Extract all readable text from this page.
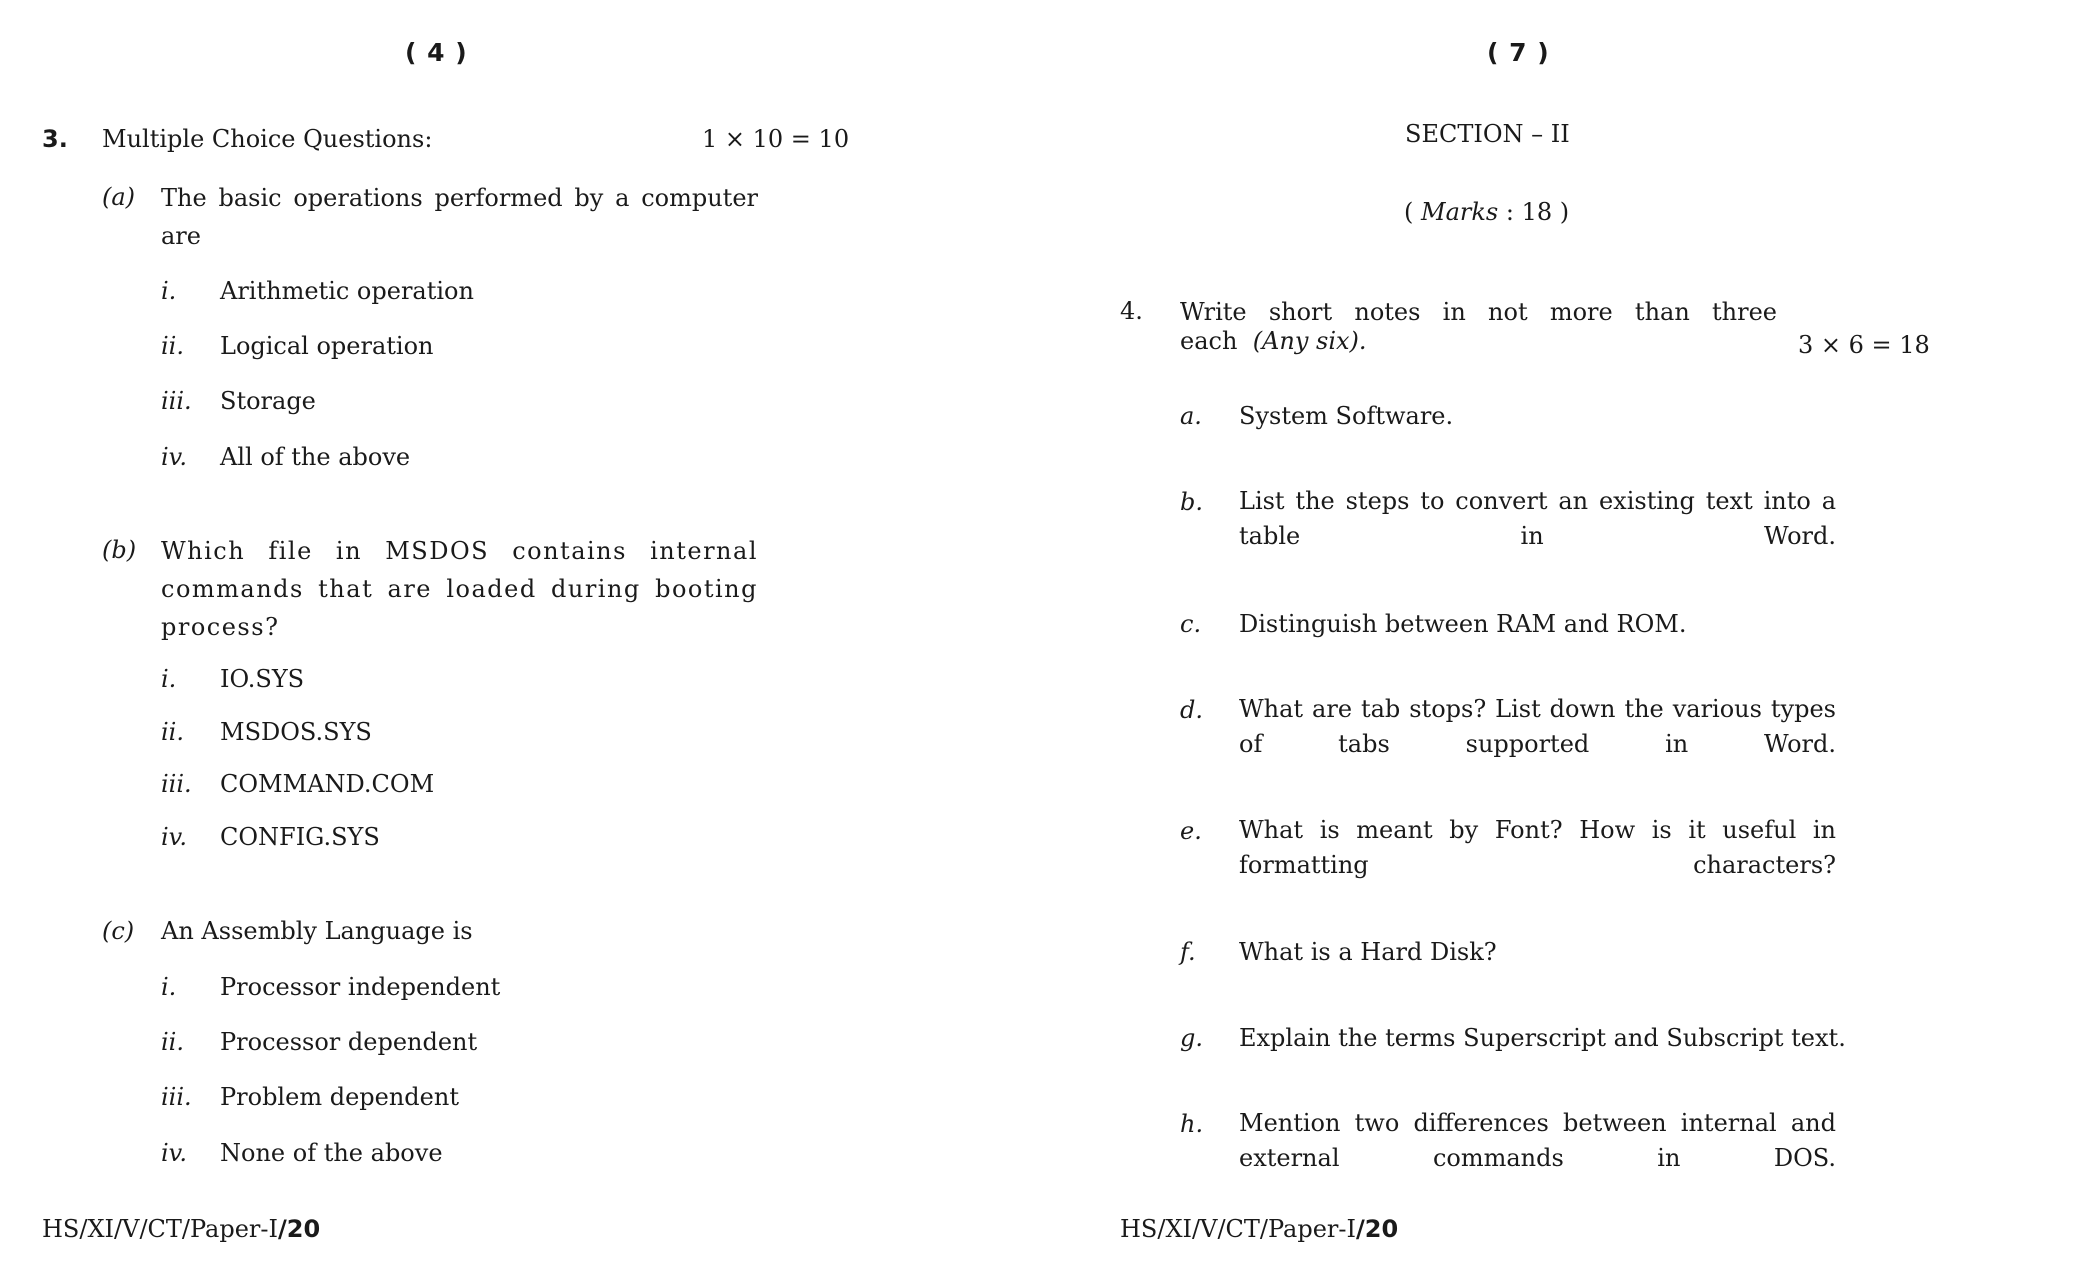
( 4 )
3. Multiple Choice Questions:	1 × 10 = 10
(a) The basic operations performed by a computer are
i. Arithmetic operation
ii. Logical operation
iii. Storage
iv. All of the above
(b) Which file in MSDOS contains internal commands that are loaded during booting process?
i. IO.SYS
ii. MSDOS.SYS
iii. COMMAND.COM
iv. CONFIG.SYS
(c) An Assembly Language is
i. Processor independent
ii. Processor dependent
iii. Problem dependent
iv. None of the above
HS/XI/V/CT/Paper-I/20
( 7 )
SECTION – II
( Marks : 18 )
4. Write short notes in not more than three
each (Any six).	3 × 6 = 18
a. System Software.
b. List the steps to convert an existing text into a table in Word.
c. Distinguish between RAM and ROM.
d. What are tab stops? List down the various types of tabs supported in Word.
e. What is meant by Font? How is it useful in formatting characters?
f. What is a Hard Disk?
g. Explain the terms Superscript and Subscript text.
h. Mention two differences between internal and external commands in DOS.
HS/XI/V/CT/Paper-I/20
